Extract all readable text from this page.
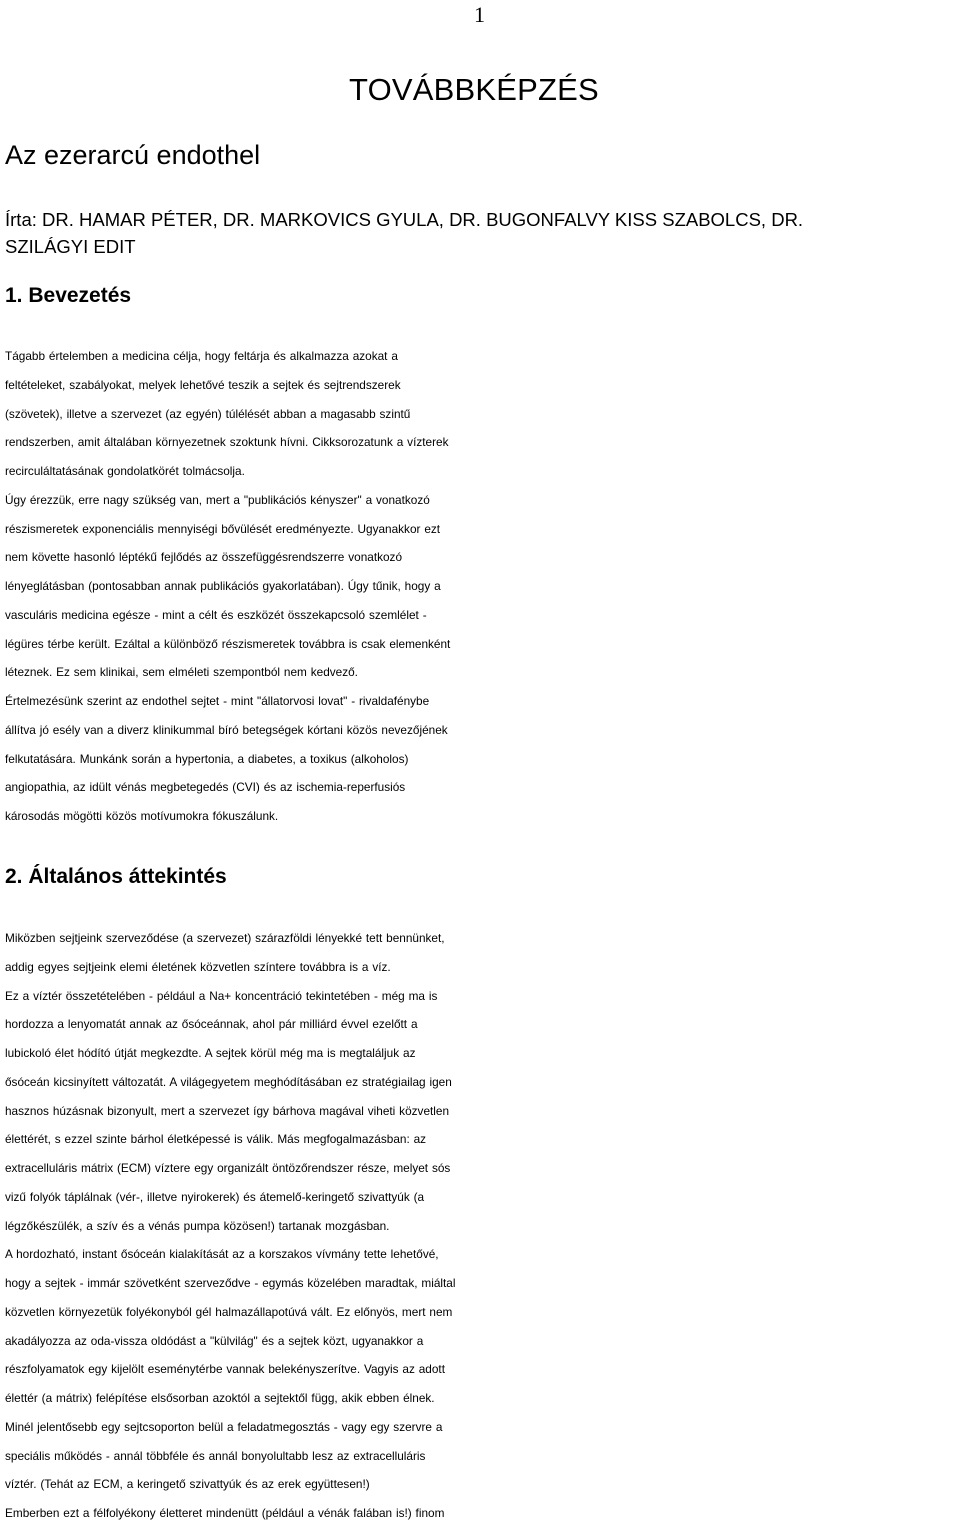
1
TOVÁBBKÉPZÉS
Az ezerarcú endothel
Írta: DR. HAMAR PÉTER, DR. MARKOVICS GYULA, DR. BUGONFALVY KISS SZABOLCS, DR.
SZILÁGYI EDIT
1. Bevezetés
Tágabb értelemben a medicina célja, hogy feltárja és alkalmazza azokat a
feltételeket, szabályokat, melyek lehetővé teszik a sejtek és sejtrendszerek
(szövetek), illetve a szervezet (az egyén) túlélését abban a magasabb szintű
rendszerben, amit általában környezetnek szoktunk hívni. Cikksorozatunk a vízterek
recirculáltatásának gondolatkörét tolmácsolja.
Úgy érezzük, erre nagy szükség van, mert a "publikációs kényszer" a vonatkozó
részismeretek exponenciális mennyiségi bővülését eredményezte. Ugyanakkor ezt
nem követte hasonló léptékű fejlődés az összefüggésrendszerre vonatkozó
lényeglátásban (pontosabban annak publikációs gyakorlatában). Úgy tűnik, hogy a
vasculáris medicina egésze - mint a célt és eszközét összekapcsoló szemlélet -
légüres térbe került. Ezáltal a különböző részismeretek továbbra is csak elemenként
léteznek. Ez sem klinikai, sem elméleti szempontból nem kedvező.
Értelmezésünk szerint az endothel sejtet - mint "állatorvosi lovat" - rivaldafénybe
állítva jó esély van a diverz klinikummal bíró betegségek kórtani közös nevezőjének
felkutatására. Munkánk során a hypertonia, a diabetes, a toxikus (alkoholos)
angiopathia, az idült vénás megbetegedés (CVI) és az ischemia-reperfusiós
károsodás mögötti közös motívumokra fókuszálunk.
2. Általános áttekintés
Miközben sejtjeink szerveződése (a szervezet) szárazföldi lényekké tett bennünket,
addig egyes sejtjeink elemi életének közvetlen színtere továbbra is a víz.
Ez a víztér összetételében - például a Na+ koncentráció tekintetében - még ma is
hordozza a lenyomatát annak az ősóceánnak, ahol pár milliárd évvel ezelőtt a
lubickoló élet hódító útját megkezdte. A sejtek körül még ma is megtaláljuk az
ősóceán kicsinyített változatát. A világegyetem meghódításában ez stratégiailag igen
hasznos húzásnak bizonyult, mert a szervezet így bárhova magával viheti közvetlen
élettérét, s ezzel szinte bárhol életképessé is válik. Más megfogalmazásban: az
extracelluláris mátrix (ECM) víztere egy organizált öntözőrendszer része, melyet sós
vizű folyók táplálnak (vér-, illetve nyirokerek) és átemelő-keringető szivattyúk (a
légzőkészülék, a szív és a vénás pumpa közösen!) tartanak mozgásban.
A hordozható, instant ősóceán kialakítását az a korszakos vívmány tette lehetővé,
hogy a sejtek - immár szövetként szerveződve - egymás közelében maradtak, miáltal
közvetlen környezetük folyékonyból gél halmazállapotúvá vált. Ez előnyös, mert nem
akadályozza az oda-vissza oldódást a "külvilág" és a sejtek közt, ugyanakkor a
részfolyamatok egy kijelölt eseménytérbe vannak belekényszerítve. Vagyis az adott
élettér (a mátrix) felépítése elsősorban azoktól a sejtektől függ, akik ebben élnek.
Minél jelentősebb egy sejtcsoporton belül a feladatmegosztás - vagy egy szervre a
speciális működés - annál többféle és annál bonyolultabb lesz az extracelluláris
víztér. (Tehát az ECM, a keringető szivattyúk és az erek együttesen!)
Emberben ezt a félfolyékony életteret mindenütt (például a vénák falában is!) finom
